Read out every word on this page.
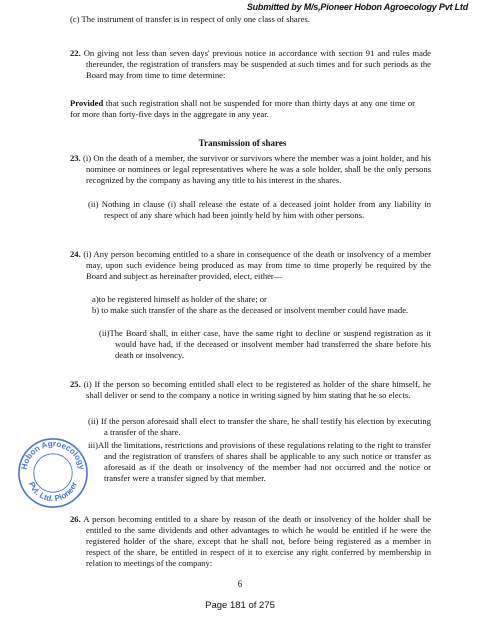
Submitted by M/s,Pioneer Hobon Agroecology Pvt Ltd

(c) The instrument of transfer is in respect of only one class of shares.

22. On giving not less than seven days' previous notice in accordance with section 91 and rules made thereunder, the registration of transfers may be suspended at such times and for such periods as the Board may from time to time determine:

Provided that such registration shall not be suspended for more than thirty days at any one time or for more than forty-five days in the aggregate in any year.

Transmission of shares

23. (i) On the death of a member, the survivor or survivors where the member was a joint holder, and his nominee or nominees or legal representatives where he was a sole holder, shall be the only persons recognized by the company as having any title to his interest in the shares.

(ii) Nothing in clause (i) shall release the estate of a deceased joint holder from any liability in respect of any share which had been jointly held by him with other persons.

24. (i) Any person becoming entitled to a share in consequence of the death or insolvency of a member may, upon such evidence being produced as may from time to time properly be required by the Board and subject as hereinafter provided, elect, either—

a)to be registered himself as holder of the share; or

b) to make such transfer of the share as the deceased or insolvent member could have made.

(ii)The Board shall, in either case, have the same right to decline or suspend registration as it would have had, if the deceased or insolvent member had transferred the share before his death or insolvency.

25. (i) If the person so becoming entitled shall elect to be registered as holder of the share himself, he shall deliver or send to the company a notice in writing signed by him stating that he so elects.

(ii) If the person aforesaid shall elect to transfer the share, he shall testify his election by executing a transfer of the share.

iii)All the limitations, restrictions and provisions of these regulations relating to the right to transfer and the registration of transfers of shares shall be applicable to any such notice or transfer as aforesaid as if the death or insolvency of the member had not occurred and the notice or transfer were a transfer signed by that member.

26. A person becoming entitled to a share by reason of the death or insolvency of the holder shall be entitled to the same dividends and other advantages to which he would be entitled if he were the registered holder of the share, except that he shall not, before being registered as a member in respect of the share, be entitled in respect of it to exercise any right conferred by membership in relation to meetings of the company:

6
Page 181 of 275
Hobon Agroecology
Pvt. Ltd. Pioneer
